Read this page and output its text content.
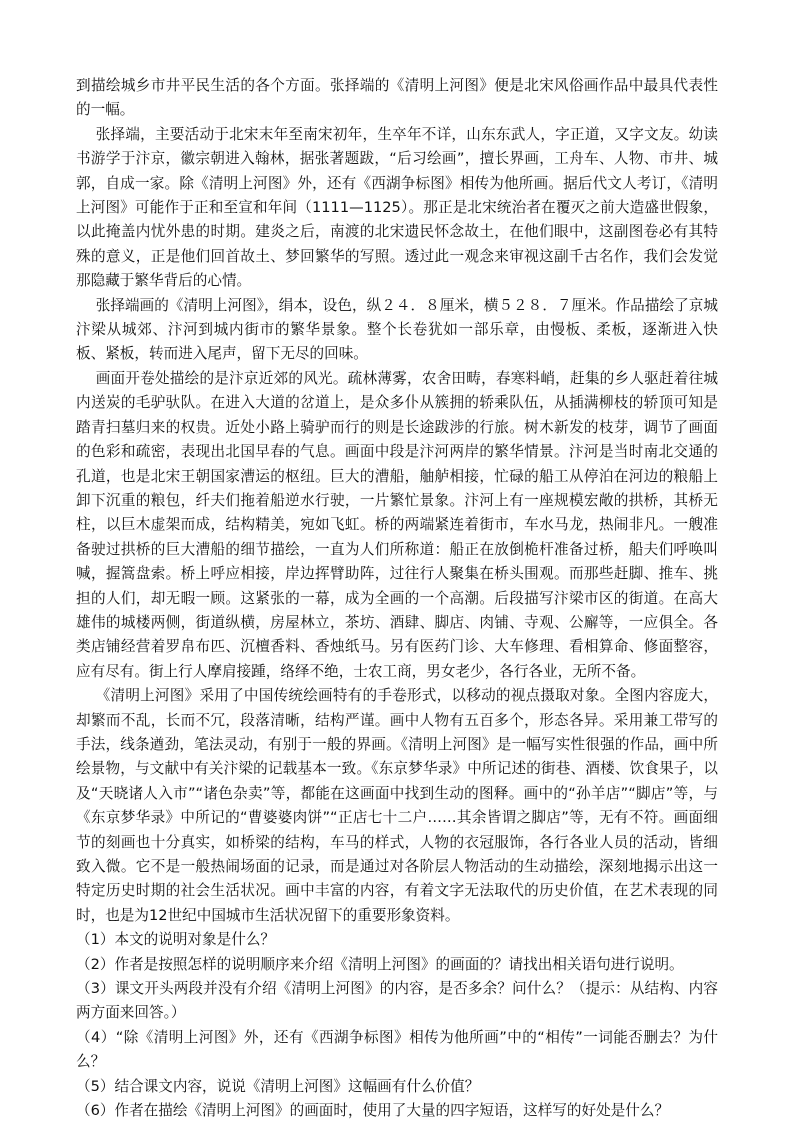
到描绘城乡市井平民生活的各个方面。张择端的《清明上河图》便是北宋风俗画作品中最具代表性的一幅。

张择端，主要活动于北宋末年至南宋初年，生卒年不详，山东东武人，字正道，又字文友。幼读书游学于汴京，徽宗朝进入翰林，据张著题跋，“后习绘画”，擅长界画，工舟车、人物、市井、城郭，自成一家。除《清明上河图》外，还有《西湖争标图》相传为他所画。据后代文人考订，《清明上河图》可能作于正和至宣和年间（1111—1125）。那正是北宋统治者在覆灭之前大造盛世假象，以此掩盖内忧外患的时期。建炎之后，南渡的北宋遗民怀念故土，在他们眼中，这副图卷必有其特殊的意义，正是他们回首故土、梦回繁华的写照。透过此一观念来审视这副千古名作，我们会发觉那隐藏于繁华背后的心情。

张择端画的《清明上河图》，绢本，设色，纵２４．８厘米，横５２８．７厘米。作品描绘了京城汴梁从城郊、汴河到城内街市的繁华景象。整个长卷犹如一部乐章，由慢板、柔板，逐渐进入快板、紧板，转而进入尾声，留下无尽的回味。

画面开卷处描绘的是汴京近郊的风光。疏林薄雾，农舍田畴，春寒料峭，赶集的乡人驱赶着往城内送炭的毛驴驮队。在进入大道的岔道上，是众多仆从簇拥的轿乘队伍，从插满柳枝的轿顶可知是踏青扫墓归来的权贵。近处小路上骑驴而行的则是长途跋涉的行旅。树木新发的枝芽，调节了画面的色彩和疏密，表现出北国早春的气息。画面中段是汴河两岸的繁华情景。汴河是当时南北交通的孔道，也是北宋王朝国家漕运的枢纽。巨大的漕船，舳舻相接，忙碌的船工从停泊在河边的粮船上卸下沉重的粮包，纤夫们拖着船逆水行驶，一片繁忙景象。汴河上有一座规模宏敞的拱桥，其桥无柱，以巨木虚架而成，结构精美，宛如飞虹。桥的两端紧连着街市，车水马龙，热闹非凡。一艘准备驶过拱桥的巨大漕船的细节描绘，一直为人们所称道：船正在放倒桅杆准备过桥，船夫们呼唤叫喊，握篙盘索。桥上呼应相接，岸边挥臂助阵，过往行人聚集在桥头围观。而那些赶脚、推车、挑担的人们，却无暇一顾。这紧张的一幕，成为全画的一个高潮。后段描写汴梁市区的街道。在高大雄伟的城楼两侧，街道纵横，房屋林立，茶坊、酒肆、脚店、肉铺、寺观、公廨等，一应俱全。各类店铺经营着罗帛布匹、沉檀香料、香烛纸马。另有医药门诊、大车修理、看相算命、修面整容，应有尽有。街上行人摩肩接踵，络绎不绝，士农工商，男女老少，各行各业，无所不备。

《清明上河图》采用了中国传统绘画特有的手卷形式，以移动的视点摄取对象。全图内容庞大，却繁而不乱，长而不冗，段落清晰，结构严谨。画中人物有五百多个，形态各异。采用兼工带写的手法，线条遒劲，笔法灵动，有别于一般的界画。《清明上河图》是一幅写实性很强的作品，画中所绘景物，与文献中有关汴梁的记载基本一致。《东京梦华录》中所记述的街巷、酒楼、饮食果子，以及“天晓诸人入市”“诸色杂卖”等，都能在这画面中找到生动的图释。画中的“孙羊店”“脚店”等，与《东京梦华录》中所记的“曹婆婆肉饼”“正店七十二户……其余皆谓之脚店”等，无有不符。画面细节的刻画也十分真实，如桥梁的结构，车马的样式，人物的衣冠服饰，各行各业人员的活动，皆细致入微。它不是一般热闹场面的记录，而是通过对各阶层人物活动的生动描绘，深刻地揭示出这一特定历史时期的社会生活状况。画中丰富的内容，有着文字无法取代的历史价值，在艺术表现的同时，也是为12世纪中国城市生活状况留下的重要形象资料。

（1）本文的说明对象是什么？

（2）作者是按照怎样的说明顺序来介绍《清明上河图》的画面的？请找出相关语句进行说明。

（3）课文开头两段并没有介绍《清明上河图》的内容，是否多余？问什么？（提示：从结构、内容两方面来回答。）

（4）“除《清明上河图》外，还有《西湖争标图》相传为他所画”中的“相传”一词能否删去？为什么？

（5）结合课文内容，说说《清明上河图》这幅画有什么价值？

（6）作者在描绘《清明上河图》的画面时，使用了大量的四字短语，这样写的好处是什么？
